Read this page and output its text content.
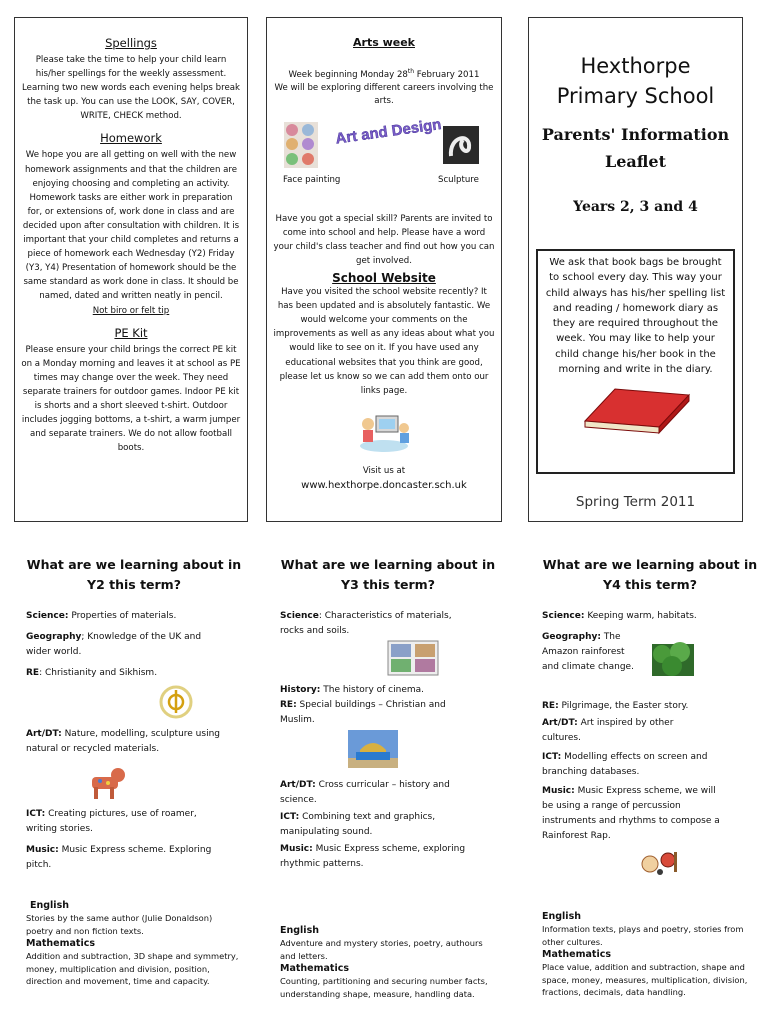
Spellings

Please take the time to help your child learn his/her spellings for the weekly assessment. Learning two new words each evening helps break the task up. You can use the LOOK, SAY, COVER, WRITE, CHECK method.

Homework

We hope you are all getting on well with the new homework assignments and that the children are enjoying choosing and completing an activity. Homework tasks are either work in preparation for, or extensions of, work done in class and are decided upon after consultation with children. It is important that your child completes and returns a piece of homework each Wednesday (Y2) Friday (Y3, Y4) Presentation of homework should be the same standard as work done in class. It should be named, dated and written neatly in pencil.

Not biro or felt tip

PE Kit

Please ensure your child brings the correct PE kit on a Monday morning and leaves it at school as PE times may change over the week. They need separate trainers for outdoor games. Indoor PE kit is shorts and a short sleeved t-shirt. Outdoor includes jogging bottoms, a t-shirt, a warm jumper and separate trainers. We do not allow football boots.

Arts week

Week beginning Monday 28th February 2011

We will be exploring different careers involving the arts.

Art and Design
Face painting	Sculpture

Have you got a special skill? Parents are invited to come into school and help. Please have a word your child's class teacher and find out how you can get involved.

School Website

Have you visited the school website recently? It has been updated and is absolutely fantastic. We would welcome your comments on the improvements as well as any ideas about what you would like to see on it. If you have used any educational websites that you think are good, please let us know so we can add them onto our links page.

Visit us at

www.hexthorpe.doncaster.sch.uk

Hexthorpe
Primary School
Parents' Information
Leaflet
Years 2, 3 and 4

We ask that book bags be brought to school every day. This way your child always has his/her spelling list and reading / homework diary as they are required throughout the week. You may like to help your child change his/her book in the morning and write in the diary.

Spring Term 2011
What are we learning about in
Y2 this term?

Science: Properties of materials.

Geography; Knowledge of the UK and wider world.

RE: Christianity and Sikhism.

Art/DT: Nature, modelling, sculpture using natural or recycled materials.

ICT: Creating pictures, use of roamer, writing stories.

Music: Music Express scheme. Exploring pitch.

English
Stories by the same author (Julie Donaldson) poetry and non fiction texts.
Mathematics
Addition and subtraction, 3D shape and symmetry, money, multiplication and division, position, direction and movement, time and capacity.
What are we learning about in
Y3 this term?

Science: Characteristics of materials, rocks and soils.

History: The history of cinema.

RE: Special buildings – Christian and Muslim.

Art/DT: Cross curricular – history and science.

ICT: Combining text and graphics, manipulating sound.

Music: Music Express scheme, exploring rhythmic patterns.

English
Adventure and mystery stories, poetry, authours and letters.
Mathematics
Counting, partitioning and securing number facts, understanding shape, measure, handling data.
What are we learning about in
Y4 this term?

Science: Keeping warm, habitats.

Geography: The Amazon rainforest and climate change.

RE: Pilgrimage, the Easter story.

Art/DT: Art inspired by other cultures.

ICT: Modelling effects on screen and branching databases.

Music: Music Express scheme, we will be using a range of percussion instruments and rhythms to compose a Rainforest Rap.

English
Information texts, plays and poetry, stories from other cultures.
Mathematics
Place value, addition and subtraction, shape and space, money, measures, multiplication, division, fractions, decimals, data handling.
